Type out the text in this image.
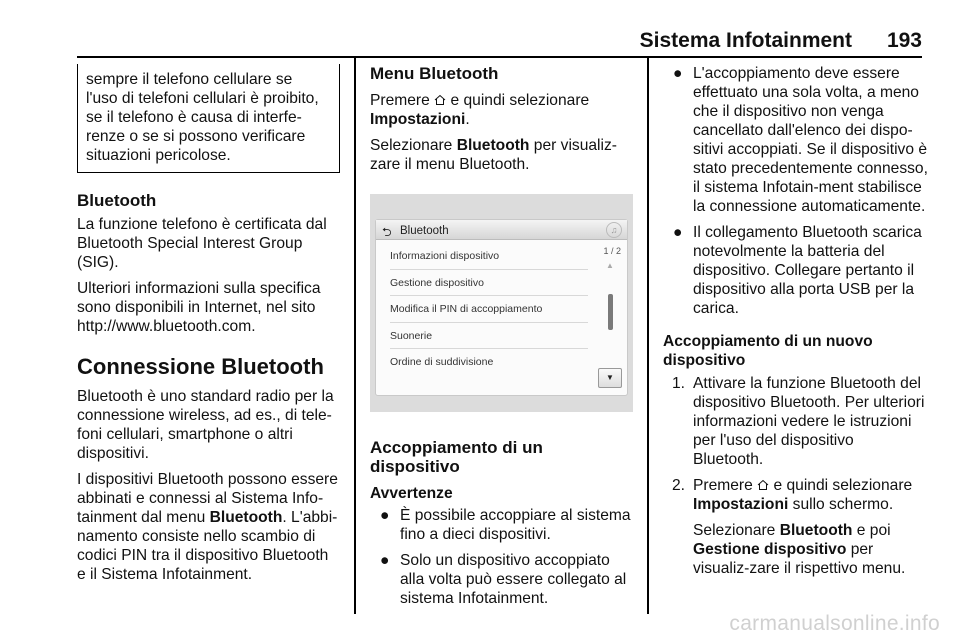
Sistema Infotainment 193
sempre il telefono cellulare se
l'uso di telefoni cellulari è proibito,
se il telefono è causa di interfe-
renze o se si possono verificare
situazioni pericolose.
Bluetooth

La funzione telefono è certificata dal Bluetooth Special Interest Group (SIG).

Ulteriori informazioni sulla specifica sono disponibili in Internet, nel sito http://www.bluetooth.com.

Connessione Bluetooth

Bluetooth è uno standard radio per la connessione wireless, ad es., di tele-foni cellulari, smartphone o altri dispositivi.

I dispositivi Bluetooth possono essere abbinati e connessi al Sistema Info-tainment dal menu Bluetooth. L'abbi-namento consiste nello scambio di codici PIN tra il dispositivo Bluetooth e il Sistema Infotainment.

Menu Bluetooth

Premere  e quindi selezionare
Impostazioni.

Selezionare Bluetooth per visualiz-zare il menu Bluetooth.

⮌ Bluetooth	♫
Informazioni dispositivo
Gestione dispositivo
Modifica il PIN di accoppiamento
Suonerie
Ordine di suddivisione
1 / 2
▲
▼
Accoppiamento di un dispositivo
Avvertenze
● È possibile accoppiare al sistema fino a dieci dispositivi.
● Solo un dispositivo accoppiato alla volta può essere collegato al sistema Infotainment.
● L'accoppiamento deve essere effettuato una sola volta, a meno che il dispositivo non venga cancellato dall'elenco dei dispo-sitivi accoppiati. Se il dispositivo è stato precedentemente connesso, il sistema Infotain-ment stabilisce la connessione automaticamente.
● Il collegamento Bluetooth scarica notevolmente la batteria del dispositivo. Collegare pertanto il dispositivo alla porta USB per la carica.
Accoppiamento di un nuovo dispositivo
1. Attivare la funzione Bluetooth del dispositivo Bluetooth. Per ulteriori informazioni vedere le istruzioni per l'uso del dispositivo Bluetooth.
2. Premere  e quindi selezionare
Impostazioni sullo schermo.

Selezionare Bluetooth e poi
Gestione dispositivo per visualiz-zare il rispettivo menu.

carmanualsonline.info
